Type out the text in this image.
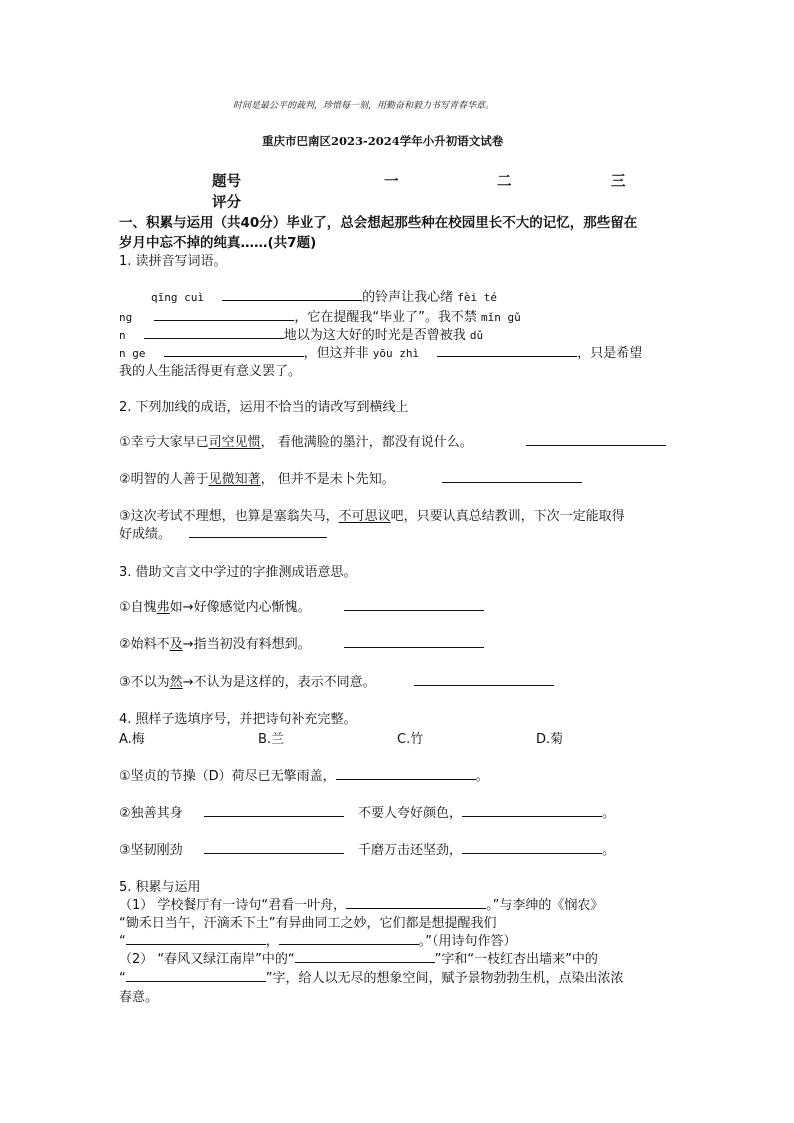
时间是最公平的裁判，珍惜每一刻，用勤奋和毅力书写青春华章。
重庆市巴南区2023-2024学年小升初语文试卷
题号	一	二	三
评分
一、积累与运用（共40分）毕业了，总会想起那些种在校园里长不大的记忆，那些留在
岁月中忘不掉的纯真……(共7题)
1. 读拼音写词语。
qīng cuì	的铃声让我心绪 fèi té
ng	，它在提醒我“毕业了”。我不禁 mǐn gǔ
n	地以为这大好的时光是否曾被我 dǔ
n ge	，但这并非 yōu zhì	，只是希望
我的人生能活得更有意义罢了。
2. 下列加线的成语，运用不恰当的请改写到横线上
①幸亏大家早已司空见惯， 看他满脸的墨汁，都没有说什么。
②明智的人善于见微知著， 但并不是未卜先知。
③这次考试不理想，也算是塞翁失马，不可思议吧，只要认真总结教训，下次一定能取得
好成绩。
3. 借助文言文中学过的字推测成语意思。
①自愧弗如→好像感觉内心惭愧。
②始料不及→指当初没有料想到。
③不以为然→不认为是这样的，表示不同意。
4. 照样子选填序号，并把诗句补充完整。
A.梅	B.兰	C.竹	D.菊
①坚贞的节操（D）荷尽已无擎雨盖，	。
②独善其身	不要人夸好颜色，	。
③坚韧刚劲	千磨万击还坚劲，	。
5. 积累与运用
（1） 学校餐厅有一诗句“君看一叶舟，	。”与李绅的《悯农》
“锄禾日当午，汗滴禾下土”有异曲同工之妙，它们都是想提醒我们
“	，	。”（用诗句作答）
（2） “春风又绿江南岸”中的“	”字和“一枝红杏出墙来”中的
“	”字，给人以无尽的想象空间，赋予景物勃勃生机，点染出浓浓
春意。
